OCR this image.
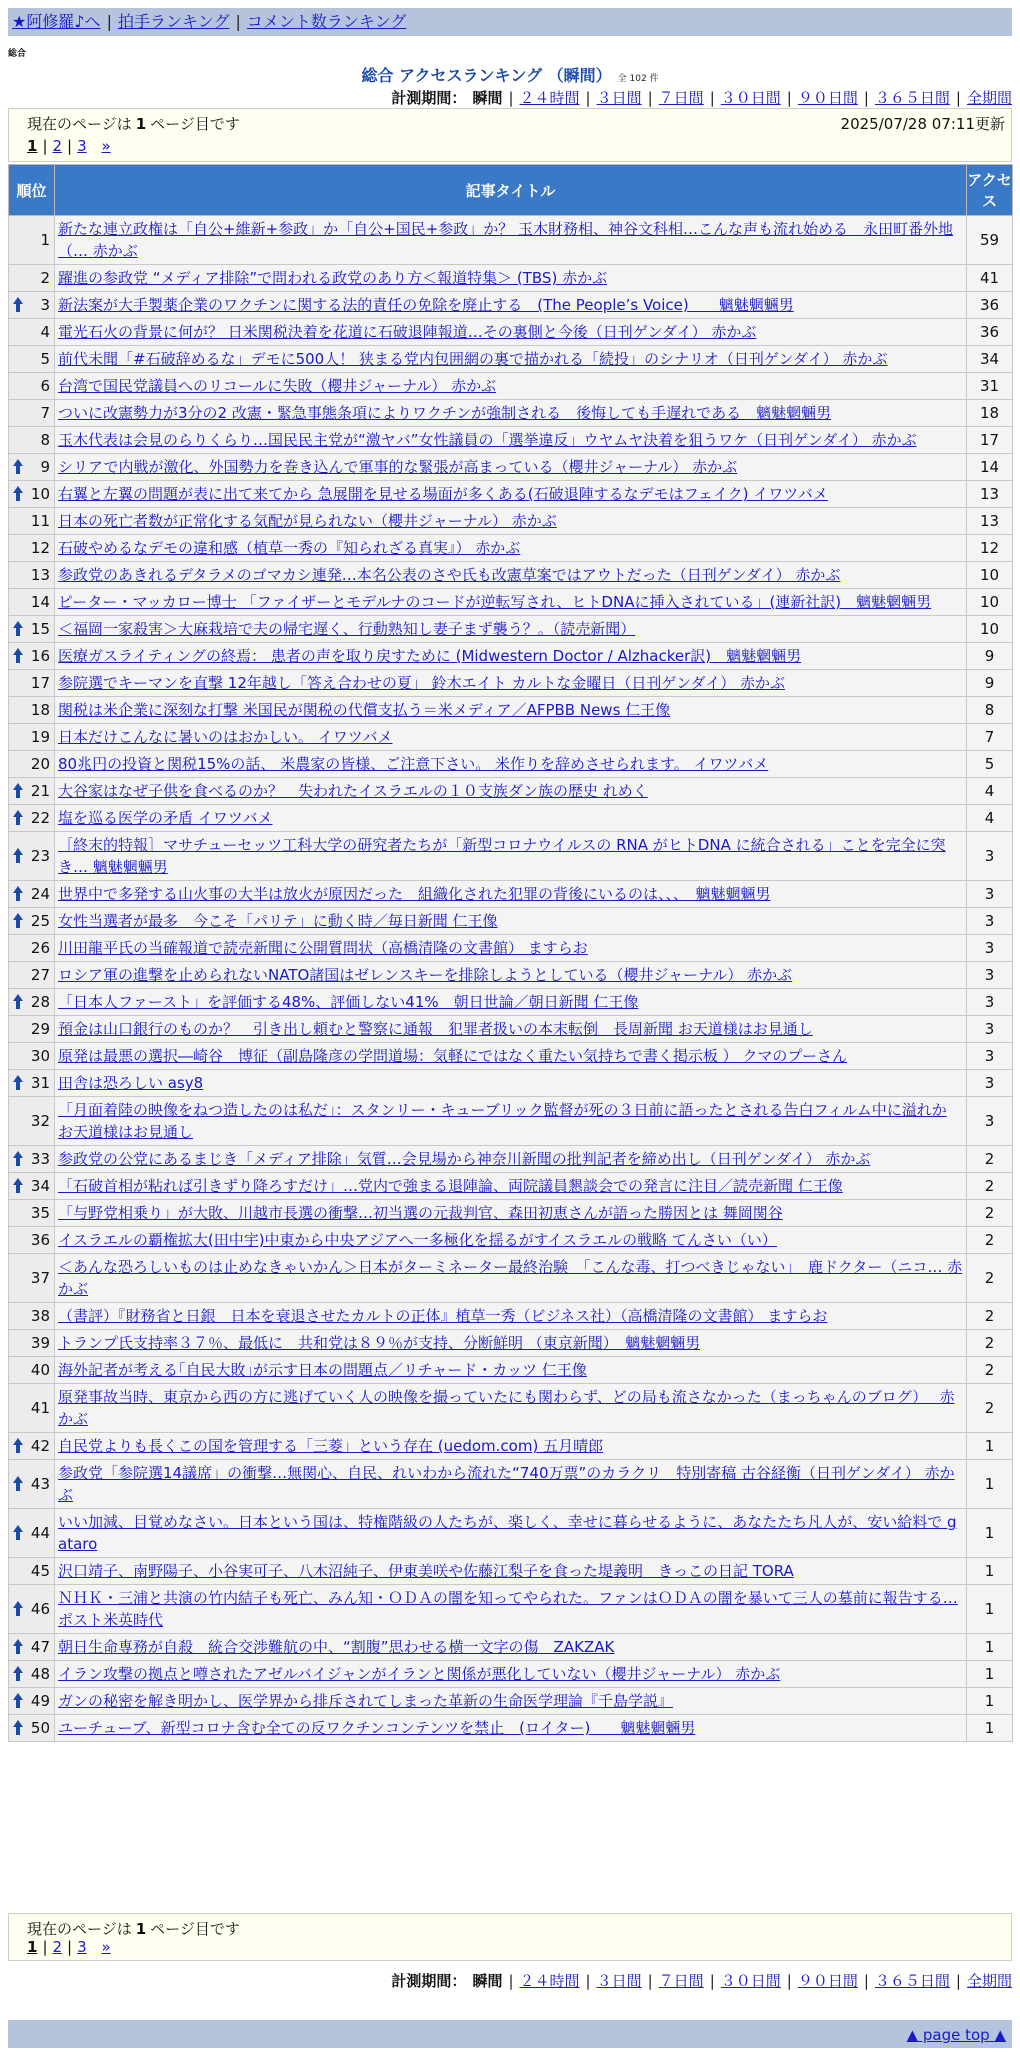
★阿修羅♪へ | 拍手ランキング | コメント数ランキング
総合
総合 アクセスランキング （瞬間） 全 102 件
計測期間： 瞬間 | ２４時間 | ３日間 | ７日間 | ３０日間 | ９０日間 | ３６５日間 | 全期間
現在のページは 1 ページ目です	2025/07/28 07:11更新
1 | 2 | 3 »
順位	記事タイトル	アクセス
1	新たな連立政権は「自公+維新+参政」か「自公+国民+参政」か？ 玉木財務相、神谷文科相…こんな声も流れ始める　永田町番外地（… 赤かぶ	59
2	躍進の参政党 “メディア排除”で問われる政党のあり方＜報道特集＞ (TBS) 赤かぶ	41

3	新法案が大手製薬企業のワクチンに関する法的責任の免除を廃止する　(The People’s Voice)　　魑魅魍魎男	36
4	電光石火の背景に何が？ 日米関税決着を花道に石破退陣報道…その裏側と今後（日刊ゲンダイ） 赤かぶ	36
5	前代未聞「#石破辞めるな」デモに500人！ 狭まる党内包囲網の裏で描かれる「続投」のシナリオ（日刊ゲンダイ） 赤かぶ	34
6	台湾で国民党議員へのリコールに失敗（櫻井ジャーナル） 赤かぶ	31
7	ついに改憲勢力が3分の2 改憲・緊急事態条項によりワクチンが強制される　後悔しても手遅れである　魑魅魍魎男	18
8	玉木代表は会見のらりくらり…国民民主党が“激ヤバ”女性議員の「選挙違反」ウヤムヤ決着を狙うワケ（日刊ゲンダイ） 赤かぶ	17

9	シリアで内戦が激化、外国勢力を巻き込んで軍事的な緊張が高まっている（櫻井ジャーナル） 赤かぶ	14

10	右翼と左翼の問題が表に出て来てから 急展開を見せる場面が多くある(石破退陣するなデモはフェイク) イワツバメ	13
11	日本の死亡者数が正常化する気配が見られない（櫻井ジャーナル） 赤かぶ	13
12	石破やめるなデモの違和感（植草一秀の『知られざる真実』） 赤かぶ	12
13	参政党のあきれるデタラメのゴマカシ連発…本名公表のさや氏も改憲草案ではアウトだった（日刊ゲンダイ） 赤かぶ	10
14	ピーター・マッカロー博士 「ファイザーとモデルナのコードが逆転写され、ヒトDNAに挿入されている」(連新社訳)　魑魅魍魎男	10

15	＜福岡一家殺害＞大麻栽培で夫の帰宅遅く、行動熟知し妻子まず襲う？。（読売新聞）	10

16	医療ガスライティングの終焉： 患者の声を取り戻すために (Midwestern Doctor / Alzhacker訳)　魑魅魍魎男	9
17	参院選でキーマンを直撃 12年越し「答え合わせの夏」 鈴木エイト カルトな金曜日（日刊ゲンダイ） 赤かぶ	9
18	関税は米企業に深刻な打撃 米国民が関税の代償支払う＝米メディア／AFPBB News 仁王像	8
19	日本だけこんなに暑いのはおかしい。 イワツバメ	7
20	80兆円の投資と関税15%の話、 米農家の皆様、ご注意下さい。 米作りを辞めさせられます。 イワツバメ	5

21	大谷家はなぜ子供を食べるのか？　失われたイスラエルの１０支族ダン族の歴史 れめく	4

22	塩を巡る医学の矛盾 イワツバメ	4

23	［終末的特報］マサチューセッツ工科大学の研究者たちが「新型コロナウイルスの RNA がヒトDNA に統合される」ことを完全に突き… 魑魅魍魎男	3

24	世界中で多発する山火事の大半は放火が原因だった　組織化された犯罪の背後にいるのは、、、　魑魅魍魎男	3

25	女性当選者が最多　今こそ「パリテ」に動く時／毎日新聞 仁王像	3
26	川田龍平氏の当確報道で読売新聞に公開質問状（高橋清隆の文書館） ますらお	3
27	ロシア軍の進撃を止められないNATO諸国はゼレンスキーを排除しようとしている（櫻井ジャーナル） 赤かぶ	3

28	「日本人ファースト」を評価する48%、評価しない41%　朝日世論／朝日新聞 仁王像	3
29	預金は山口銀行のものか？　引き出し頼むと警察に通報　犯罪者扱いの本末転倒　長周新聞 お天道様はお見通し	3
30	原発は最悪の選択―崎谷　博征（副島隆彦の学問道場：気軽にではなく重たい気持ちで書く掲示板 ） クマのプーさん	3

31	田舎は恐ろしい asy8	3
32	「月面着陸の映像をねつ造したのは私だ」：スタンリー・キューブリック監督が死の３日前に語ったとされる告白フィルム中に溢れか お天道様はお見通し	3

33	参政党の公党にあるまじき「メディア排除」気質…会見場から神奈川新聞の批判記者を締め出し（日刊ゲンダイ） 赤かぶ	2

34	「石破首相が粘れば引きずり降ろすだけ」…党内で強まる退陣論、両院議員懇談会での発言に注目／読売新聞 仁王像	2
35	「与野党相乗り」が大敗、川越市長選の衝撃…初当選の元裁判官、森田初恵さんが語った勝因とは 舞岡関谷	2
36	イスラエルの覇権拡大(田中宇)中東から中央アジアへ一多極化を揺るがすイスラエルの戦略 てんさい（い）	2
37	＜あんな恐ろしいものは止めなきゃいかん＞日本がターミネーター最終治験　「こんな毒、打つべきじゃない」　鹿ドクター（ニコ… 赤かぶ	2
38	（書評）『財務省と日銀　日本を衰退させたカルトの正体』植草一秀（ビジネス社）（高橋清隆の文書館） ますらお	2
39	トランプ氏支持率３７％、最低に　共和党は８９％が支持、分断鮮明 （東京新聞）　魑魅魍魎男	2
40	海外記者が考える｢自民大敗｣が示す日本の問題点／リチャード・カッツ 仁王像	2
41	原発事故当時、東京から西の方に逃げていく人の映像を撮っていたにも関わらず、どの局も流さなかった（まっちゃんのブログ）　 赤かぶ	2

42	自民党よりも長くこの国を管理する「三菱」という存在 (uedom.com) 五月晴郎	1

43	参政党「参院選14議席」の衝撃…無関心、自民、れいわから流れた“740万票”のカラクリ　特別寄稿 古谷経衡（日刊ゲンダイ） 赤かぶ	1

44	いい加減、目覚めなさい。日本という国は、特権階級の人たちが、楽しく、幸せに暮らせるように、あなたたち凡人が、安い給料で gataro	1
45	沢口靖子、南野陽子、小谷実可子、八木沼純子、伊東美咲や佐藤江梨子を食った堤義明　きっこの日記 TORA	1

46	ＮＨＫ・三浦と共演の竹内結子も死亡、みん知・ＯＤＡの闇を知ってやられた。ファンはＯＤＡの闇を暴いて三人の墓前に報告する… ポスト米英時代	1

47	朝日生命専務が自殺　統合交渉難航の中、“割腹”思わせる横一文字の傷　ZAKZAK	1

48	イラン攻撃の拠点と噂されたアゼルバイジャンがイランと関係が悪化していない（櫻井ジャーナル） 赤かぶ	1

49	ガンの秘密を解き明かし、医学界から排斥されてしまった革新の生命医学理論『千島学説』	1

50	ユーチューブ、新型コロナ含む全ての反ワクチンコンテンツを禁止　(ロイター)　　魑魅魍魎男	1
現在のページは 1 ページ目です
1 | 2 | 3 »
計測期間： 瞬間 | ２４時間 | ３日間 | ７日間 | ３０日間 | ９０日間 | ３６５日間 | 全期間
▲ page top ▲
